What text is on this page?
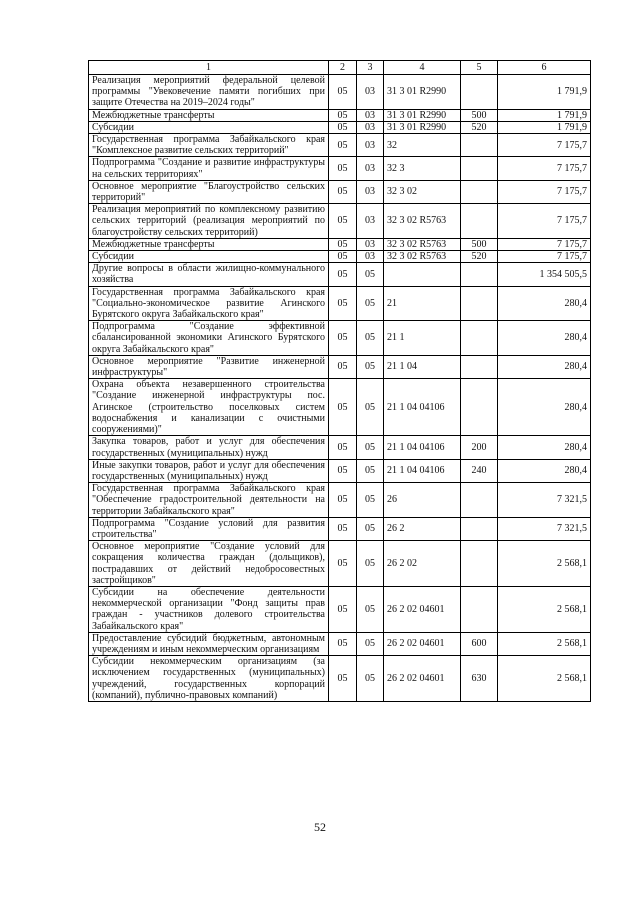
1	2	3	4	5	6
Реализация мероприятий федеральной целевой программы "Увековечение памяти погибших при защите Отечества на 2019–2024 годы"	05	03	31 3 01 R2990		1 791,9
Межбюджетные трансферты	05	03	31 3 01 R2990	500	1 791,9
Субсидии	05	03	31 3 01 R2990	520	1 791,9
Государственная программа Забайкальского края "Комплексное развитие сельских территорий"	05	03	32		7 175,7
Подпрограмма "Создание и развитие инфраструктуры на сельских территориях"	05	03	32 3		7 175,7
Основное мероприятие "Благоустройство сельских территорий"	05	03	32 3 02		7 175,7
Реализация мероприятий по комплексному развитию сельских территорий (реализация мероприятий по благоустройству сельских территорий)	05	03	32 3 02 R5763		7 175,7
Межбюджетные трансферты	05	03	32 3 02 R5763	500	7 175,7
Субсидии	05	03	32 3 02 R5763	520	7 175,7
Другие вопросы в области жилищно-коммунального хозяйства	05	05			1 354 505,5
Государственная программа Забайкальского края "Социально-экономическое развитие Агинского Бурятского округа Забайкальского края"	05	05	21		280,4
Подпрограмма "Создание эффективной сбалансированной экономики Агинского Бурятского округа Забайкальского края"	05	05	21 1		280,4
Основное мероприятие "Развитие инженерной инфраструктуры"	05	05	21 1 04		280,4
Охрана объекта незавершенного строительства "Создание инженерной инфраструктуры пос. Агинское (строительство поселковых систем водоснабжения и канализации с очистными сооружениями)"	05	05	21 1 04 04106		280,4
Закупка товаров, работ и услуг для обеспечения государственных (муниципальных) нужд	05	05	21 1 04 04106	200	280,4
Иные закупки товаров, работ и услуг для обеспечения государственных (муниципальных) нужд	05	05	21 1 04 04106	240	280,4
Государственная программа Забайкальского края "Обеспечение градостроительной деятельности на территории Забайкальского края"	05	05	26		7 321,5
Подпрограмма "Создание условий для развития строительства"	05	05	26 2		7 321,5
Основное мероприятие "Создание условий для сокращения количества граждан (дольщиков), пострадавших от действий недобросовестных застройщиков"	05	05	26 2 02		2 568,1
Субсидии на обеспечение деятельности некоммерческой организации "Фонд защиты прав граждан - участников долевого строительства Забайкальского края"	05	05	26 2 02 04601		2 568,1
Предоставление субсидий бюджетным, автономным учреждениям и иным некоммерческим организациям	05	05	26 2 02 04601	600	2 568,1
Субсидии некоммерческим организациям (за исключением государственных (муниципальных) учреждений, государственных корпораций (компаний), публично-правовых компаний)	05	05	26 2 02 04601	630	2 568,1
52
